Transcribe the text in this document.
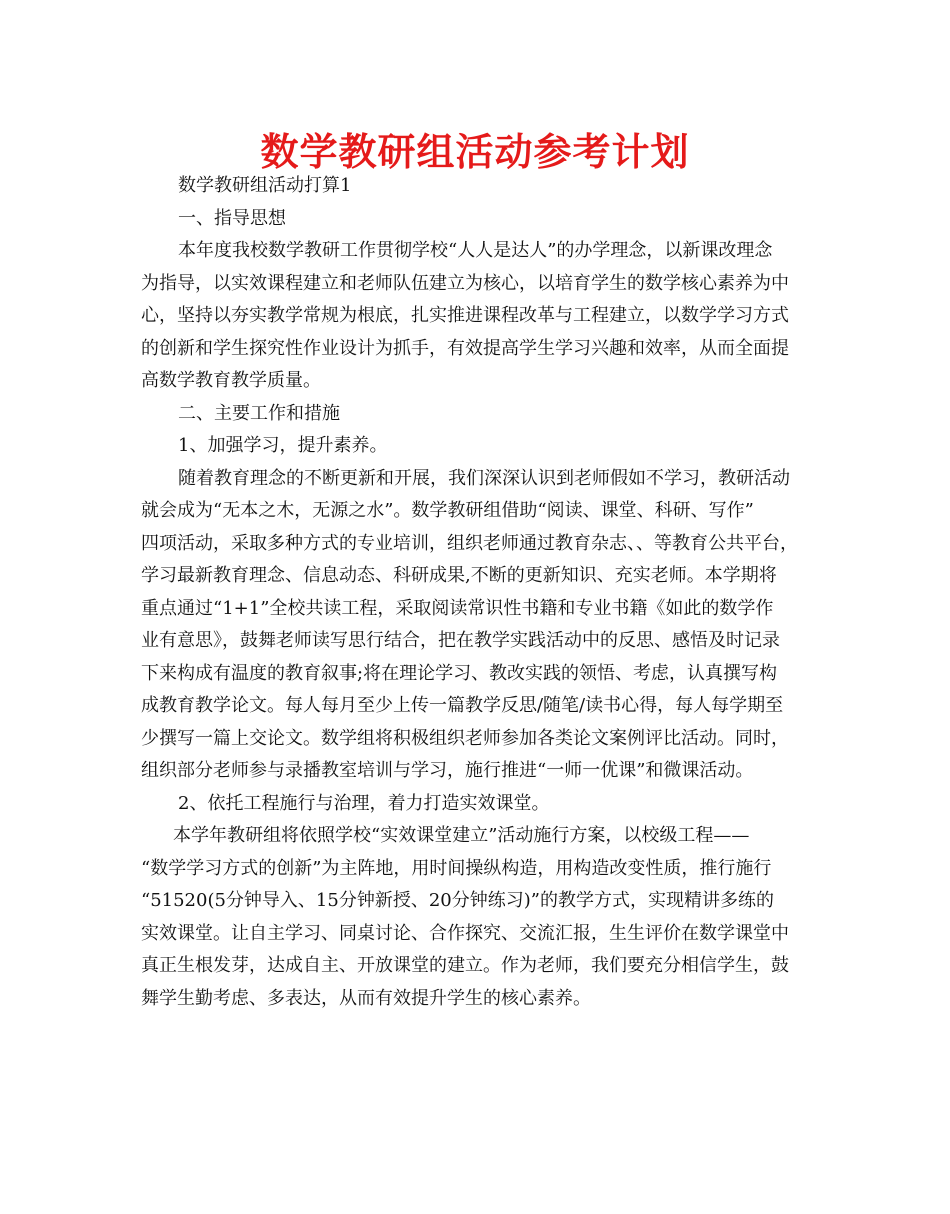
数学教研组活动参考计划
数学教研组活动打算1
一、指导思想
本年度我校数学教研工作贯彻学校“人人是达人”的办学理念，以新课改理念
为指导，以实效课程建立和老师队伍建立为核心，以培育学生的数学核心素养为中
心，坚持以夯实教学常规为根底，扎实推进课程改革与工程建立，以数学学习方式
的创新和学生探究性作业设计为抓手，有效提高学生学习兴趣和效率，从而全面提
高数学教育教学质量。
二、主要工作和措施
1、加强学习，提升素养。
随着教育理念的不断更新和开展，我们深深认识到老师假如不学习，教研活动
就会成为“无本之木，无源之水”。数学教研组借助“阅读、课堂、科研、写作”
四项活动，采取多种方式的专业培训，组织老师通过教育杂志、、等教育公共平台，
学习最新教育理念、信息动态、科研成果,不断的更新知识、充实老师。本学期将
重点通过“1+1”全校共读工程，采取阅读常识性书籍和专业书籍《如此的数学作
业有意思》，鼓舞老师读写思行结合，把在教学实践活动中的反思、感悟及时记录
下来构成有温度的教育叙事;将在理论学习、教改实践的领悟、考虑，认真撰写构
成教育教学论文。每人每月至少上传一篇教学反思/随笔/读书心得，每人每学期至
少撰写一篇上交论文。数学组将积极组织老师参加各类论文案例评比活动。同时，
组织部分老师参与录播教室培训与学习，施行推进“一师一优课”和微课活动。
2、依托工程施行与治理，着力打造实效课堂。
本学年教研组将依照学校“实效课堂建立”活动施行方案，以校级工程——
“数学学习方式的创新”为主阵地，用时间操纵构造，用构造改变性质，推行施行
“51520(5分钟导入、15分钟新授、20分钟练习)”的教学方式，实现精讲多练的
实效课堂。让自主学习、同桌讨论、合作探究、交流汇报，生生评价在数学课堂中
真正生根发芽，达成自主、开放课堂的建立。作为老师，我们要充分相信学生，鼓
舞学生勤考虑、多表达，从而有效提升学生的核心素养。
